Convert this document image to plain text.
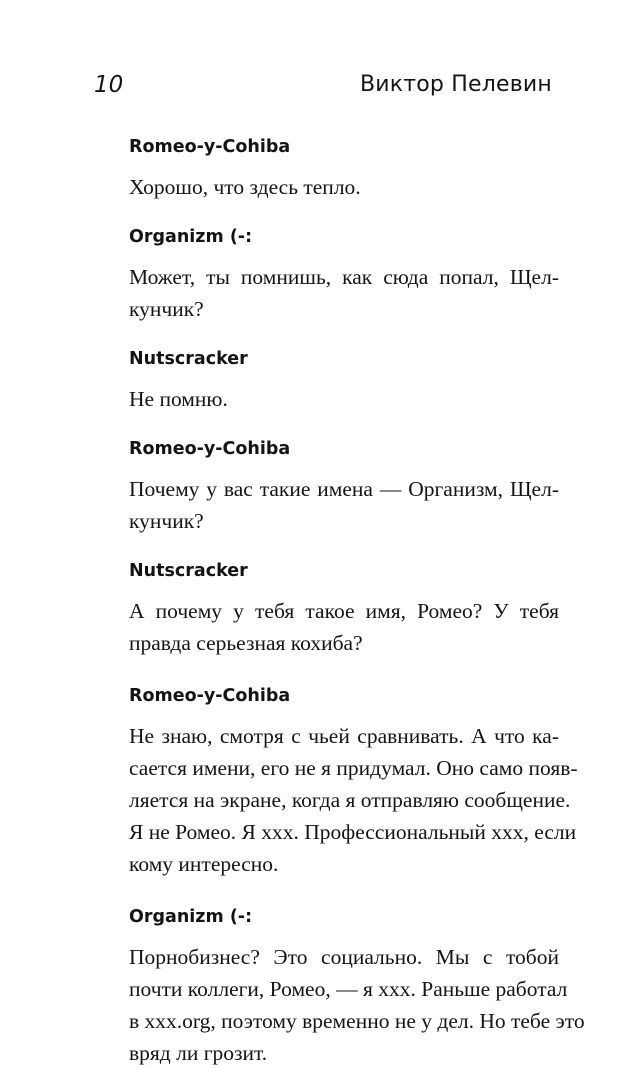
10	Виктор Пелевин
Romeo-y-Cohiba
Хорошо, что здесь тепло.
Organizm (-:
Может, ты помнишь, как сюда попал, Щел-
кунчик?
Nutscracker
Не помню.
Romeo-y-Cohiba
Почему у вас такие имена — Организм, Щел-
кунчик?
Nutscracker
А почему у тебя такое имя, Ромео? У тебя
правда серьезная кохиба?
Romeo-y-Cohiba
Не знаю, смотря с чьей сравнивать. А что ка-
сается имени, его не я придумал. Оно само появ-
ляется на экране, когда я отправляю сообщение.
Я не Ромео. Я ххх. Профессиональный ххх, если
кому интересно.
Organizm (-:
Порнобизнес? Это социально. Мы с тобой
почти коллеги, Ромео, — я ххх. Раньше работал
в xxx.org, поэтому временно не у дел. Но тебе это
вряд ли грозит.
